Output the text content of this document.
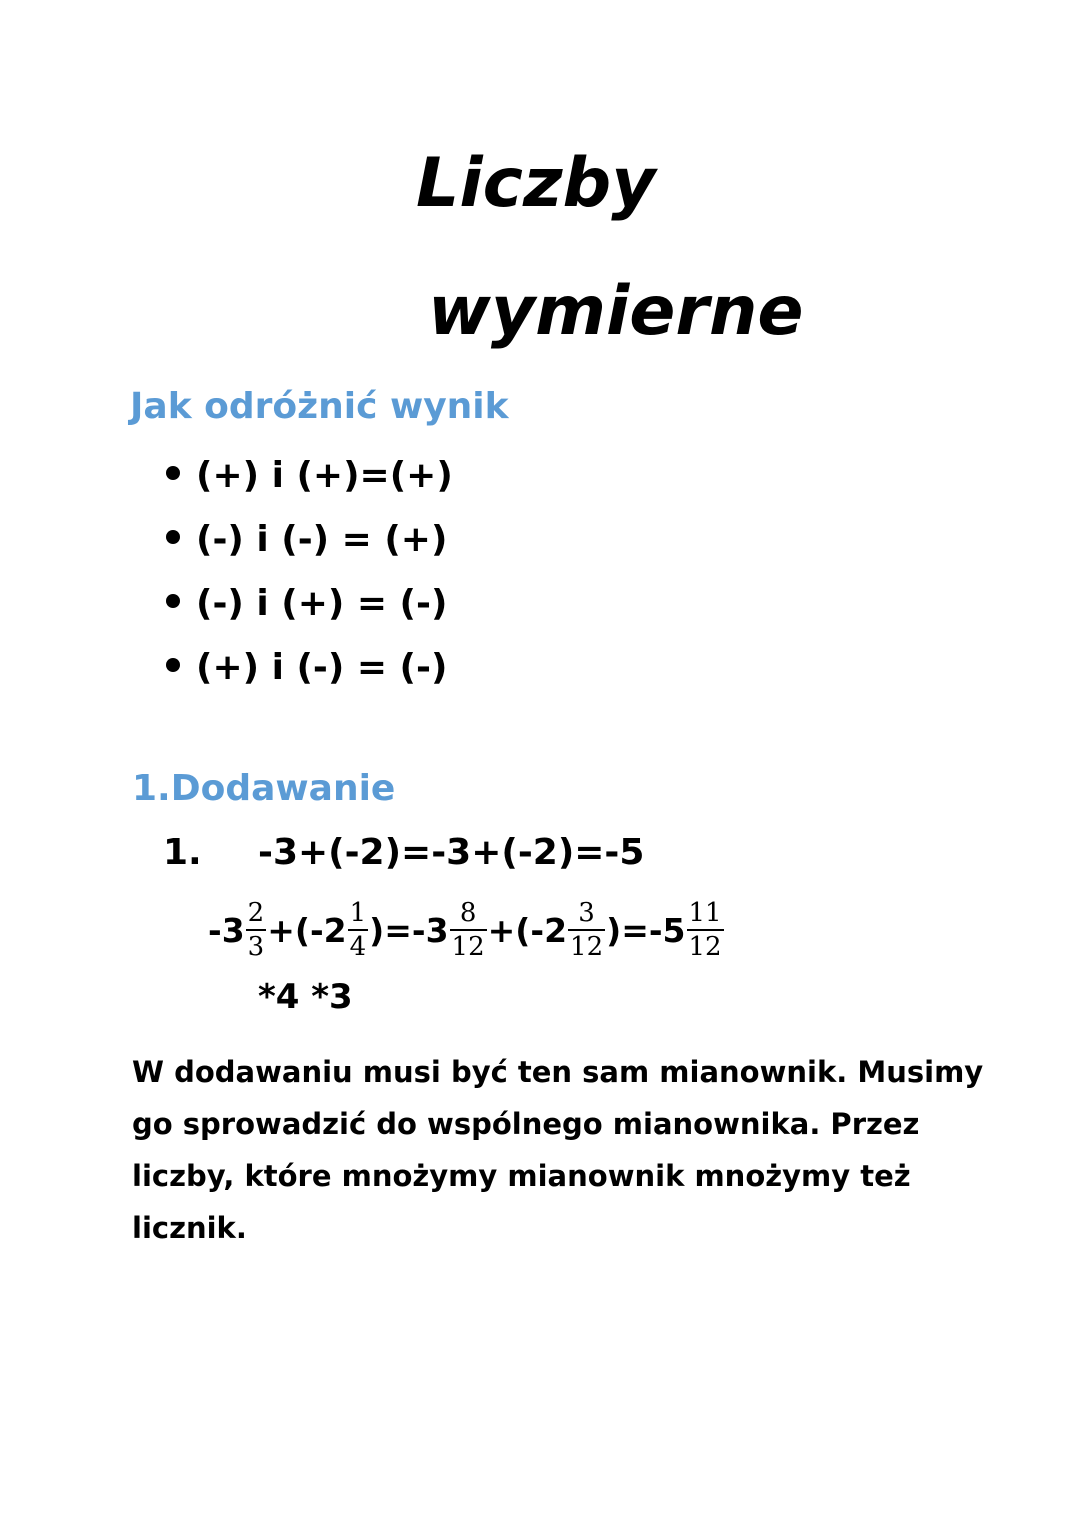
Liczby
wymierne
Jak odróżnić wynik
(+) i (+)=(+)
(-) i (-) = (+)
(-) i (+) = (-)
(+) i (-) = (-)
1.Dodawanie
1. -3+(-2)=-3+(-2)=-5
$-3 \frac{2}{3} +(-2 \frac{1}{4} )=-3 \frac{8}{12} +(-2 \frac{3}{12} )=-5 \frac{11}{12}$
*4 *3

W dodawaniu musi być ten sam mianownik. Musimy
go sprowadzić do wspólnego mianownika. Przez
liczby, które mnożymy mianownik mnożymy też
licznik.
